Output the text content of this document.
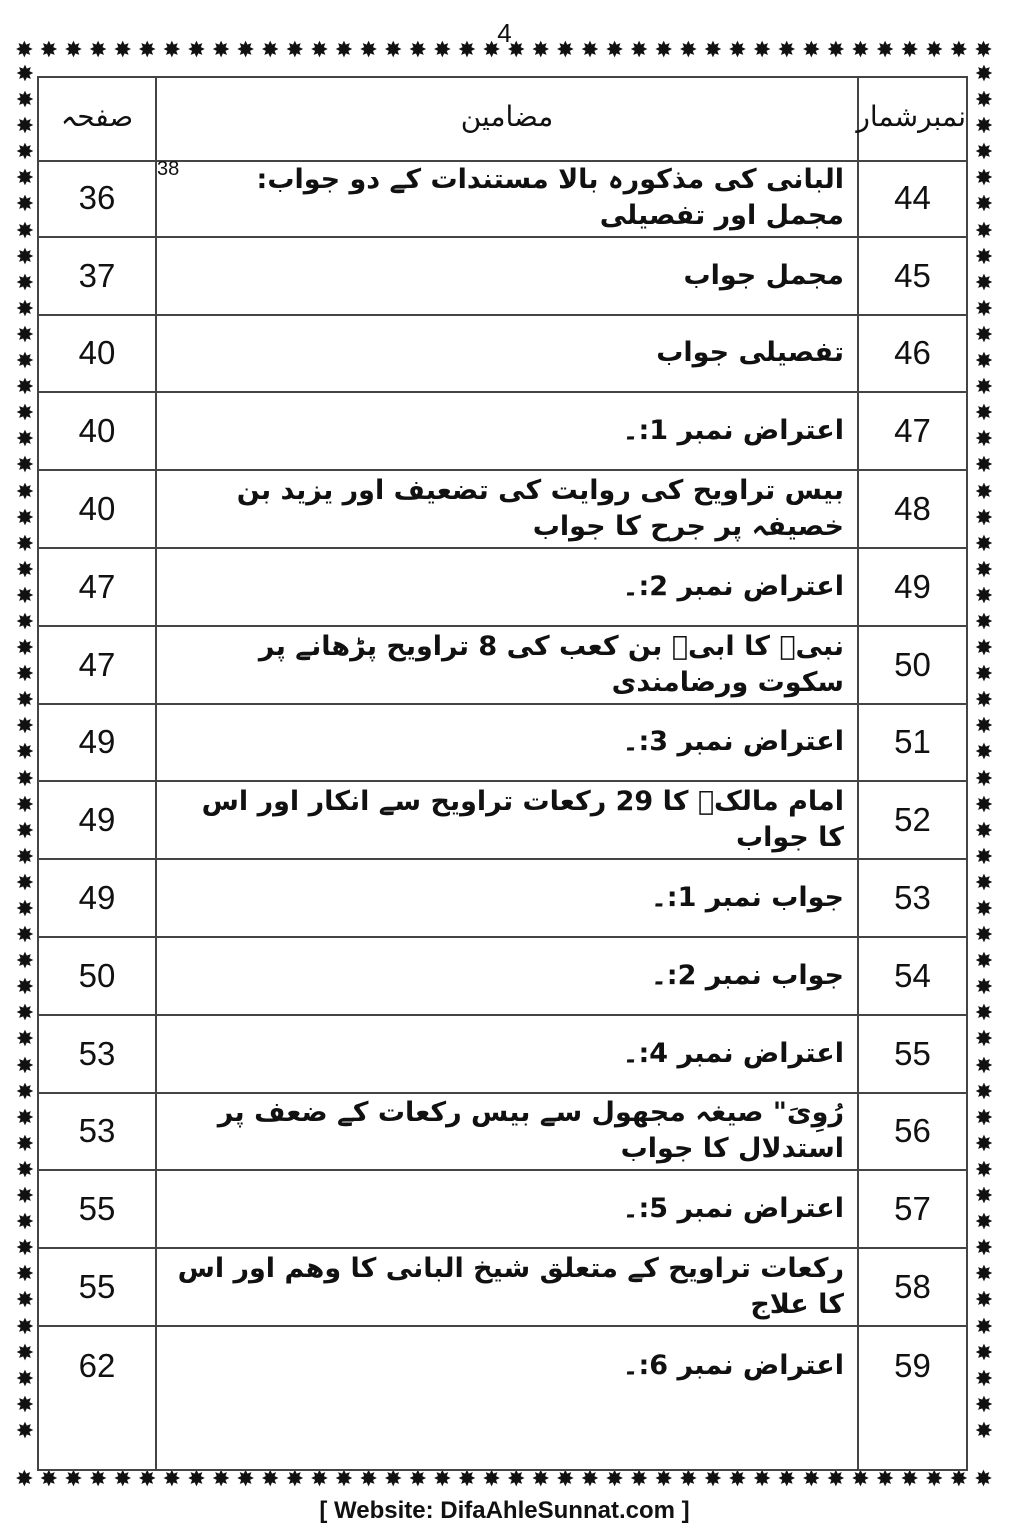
4
✸ ✸ ✸ ✸ ✸ ✸ ✸ ✸ ✸ ✸ ✸ ✸ ✸ ✸ ✸ ✸ ✸ ✸ ✸ ✸ ✸ ✸ ✸ ✸ ✸ ✸ ✸ ✸ ✸ ✸ ✸ ✸ ✸ ✸ ✸ ✸ ✸ ✸ ✸ ✸
✸ ✸ ✸ ✸ ✸ ✸ ✸ ✸ ✸ ✸ ✸ ✸ ✸ ✸ ✸ ✸ ✸ ✸ ✸ ✸ ✸ ✸ ✸ ✸ ✸ ✸ ✸ ✸ ✸ ✸ ✸ ✸ ✸ ✸ ✸ ✸ ✸ ✸ ✸ ✸
✸
✸
✸
✸
✸
✸
✸
✸
✸
✸
✸
✸
✸
✸
✸
✸
✸
✸
✸
✸
✸
✸
✸
✸
✸
✸
✸
✸
✸
✸
✸
✸
✸
✸
✸
✸
✸
✸
✸
✸
✸
✸
✸
✸
✸
✸
✸
✸
✸
✸
✸
✸
✸
✸
✸
✸
✸
✸
✸
✸
✸
✸
✸
✸
✸
✸
✸
✸
✸
✸
✸
✸
✸
✸
✸
✸
✸
✸
✸
✸
✸
✸
✸
✸
✸
✸
✸
✸
✸
✸
✸
✸
✸
✸
✸
✸
✸
✸
✸
✸
✸
✸
✸
✸
✸
✸
صفحہ	مضامین	نمبرشمار
38
36	البانی کی مذکورہ بالا مستندات کے دو جواب: مجمل اور تفصیلی	44
37	مجمل جواب	45
40	تفصیلی جواب	46
40	اعتراض نمبر 1:۔	47
40	بیس تراویح کی روایت کی تضعیف اور یزید بن خصیفہ پر جرح کا جواب	48
47	اعتراض نمبر 2:۔	49
47	نبیؐ کا ابیؓ بن کعب کی 8 تراویح پڑھانے پر سکوت ورضامندی	50
49	اعتراض نمبر 3:۔	51
49	امام مالکؒ کا 29 رکعات تراویح سے انکار اور اس کا جواب	52
49	جواب نمبر 1:۔	53
50	جواب نمبر 2:۔	54
53	اعتراض نمبر 4:۔	55
53	رُوِیَ" صیغہ مجھول سے بیس رکعات کے ضعف پر استدلال کا جواب	56
55	اعتراض نمبر 5:۔	57
55	رکعات تراویح کے متعلق شیخ البانی کا وھم اور اس کا علاج	58
62	اعتراض نمبر 6:۔	59
[ Website: DifaAhleSunnat.com ]
